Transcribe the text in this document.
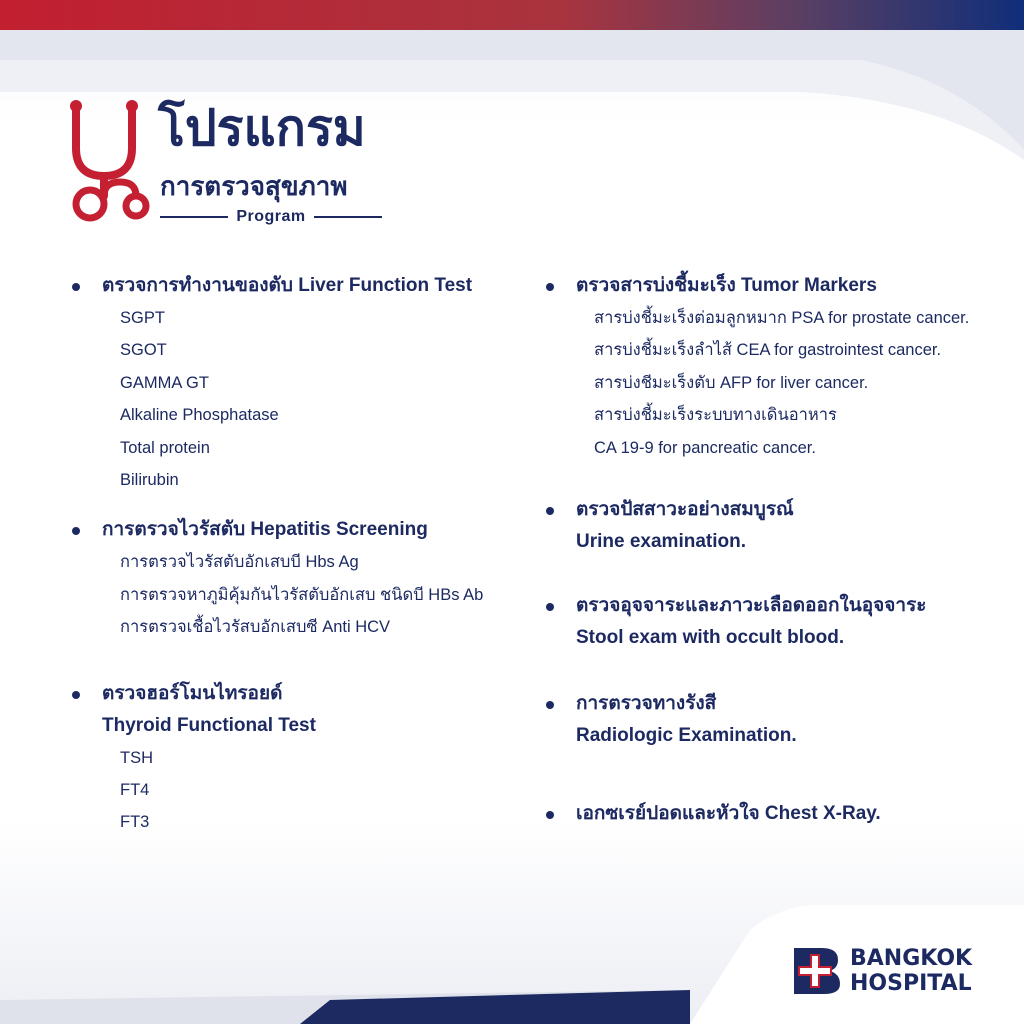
โปรแกรม
การตรวจสุขภาพ
Program
ตรวจการทำงานของตับ Liver Function Test
SGPT
SGOT
GAMMA GT
Alkaline Phosphatase
Total protein
Bilirubin
การตรวจไวรัสตับ Hepatitis Screening
การตรวจไวรัสตับอักเสบบี Hbs Ag
การตรวจหาภูมิคุ้มกันไวรัสตับอักเสบ ชนิดบี HBs Ab
การตรวจเชื้อไวรัสบอักเสบซี Anti HCV
ตรวจฮอร์โมนไทรอยด์
Thyroid Functional Test
TSH
FT4
FT3
ตรวจสารบ่งชี้มะเร็ง Tumor Markers
สารบ่งชี้มะเร็งต่อมลูกหมาก PSA for prostate cancer.
สารบ่งชี้มะเร็งลำไส้ CEA for gastrointest cancer.
สารบ่งชีมะเร็งตับ AFP for liver cancer.
สารบ่งชี้มะเร็งระบบทางเดินอาหาร
CA 19-9 for pancreatic cancer.
ตรวจปัสสาวะอย่างสมบูรณ์
Urine examination.
ตรวจอุจจาระและภาวะเลือดออกในอุจจาระ
Stool exam with occult blood.
การตรวจทางรังสี
Radiologic Examination.
เอกซเรย์ปอดและหัวใจ Chest X-Ray.
BANGKOK
HOSPITAL
